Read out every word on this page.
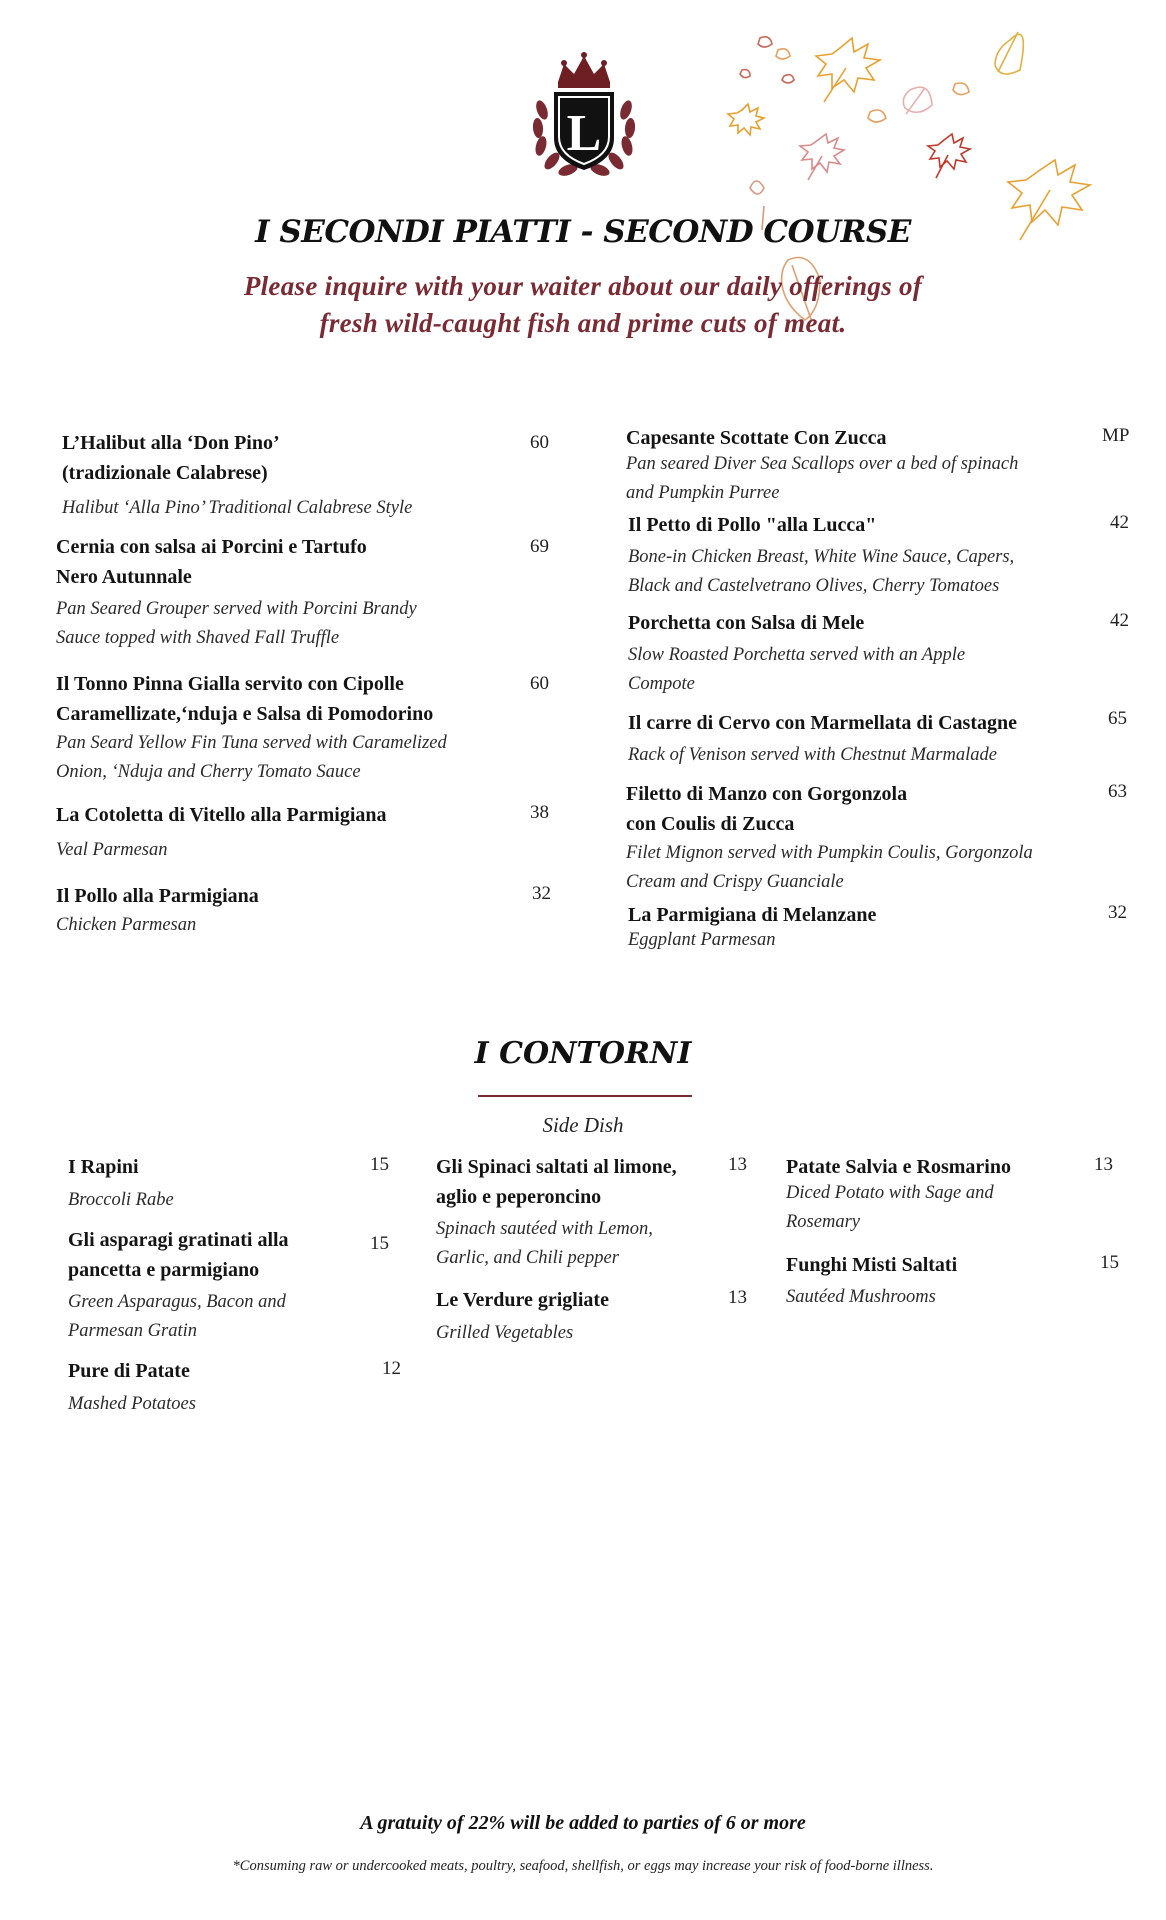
L
I SECONDI PIATTI - SECOND COURSE
Please inquire with your waiter about our daily offerings of
fresh wild-caught fish and prime cuts of meat.
L’Halibut alla ‘Don Pino’
(tradizionale Calabrese)
Halibut ‘Alla Pino’ Traditional Calabrese Style
60
Cernia con salsa ai Porcini e Tartufo
Nero Autunnale
Pan Seared Grouper served with Porcini Brandy
Sauce topped with Shaved Fall Truffle
69
Il Tonno Pinna Gialla servito con Cipolle
Caramellizate,‘nduja e Salsa di Pomodorino
Pan Seard Yellow Fin Tuna served with Caramelized
Onion, ‘Nduja and Cherry Tomato Sauce
60
La Cotoletta di Vitello alla Parmigiana
Veal Parmesan
38
Il Pollo alla Parmigiana
Chicken Parmesan
32
Capesante Scottate Con Zucca
Pan seared Diver Sea Scallops over a bed of spinach
and Pumpkin Purree
MP
Il Petto di Pollo "alla Lucca"
Bone-in Chicken Breast, White Wine Sauce, Capers,
Black and Castelvetrano Olives, Cherry Tomatoes
42
Porchetta con Salsa di Mele
Slow Roasted Porchetta served with an Apple
Compote
42
Il carre di Cervo con Marmellata di Castagne
Rack of Venison served with Chestnut Marmalade
65
Filetto di Manzo con Gorgonzola
con Coulis di Zucca
Filet Mignon served with Pumpkin Coulis, Gorgonzola
Cream and Crispy Guanciale
63
La Parmigiana di Melanzane
Eggplant Parmesan
32
I CONTORNI
Side Dish
I Rapini
Broccoli Rabe
15
Gli asparagi gratinati alla
pancetta e parmigiano
Green Asparagus, Bacon and
Parmesan Gratin
15
Pure di Patate
Mashed Potatoes
12
Gli Spinaci saltati al limone,
aglio e peperoncino
Spinach sautéed with Lemon,
Garlic, and Chili pepper
13
Le Verdure grigliate
Grilled Vegetables
13
Patate Salvia e Rosmarino
Diced Potato with Sage and
Rosemary
13
Funghi Misti Saltati
Sautéed Mushrooms
15
A gratuity of 22% will be added to parties of 6 or more
*Consuming raw or undercooked meats, poultry, seafood, shellfish, or eggs may increase your risk of food-borne illness.
